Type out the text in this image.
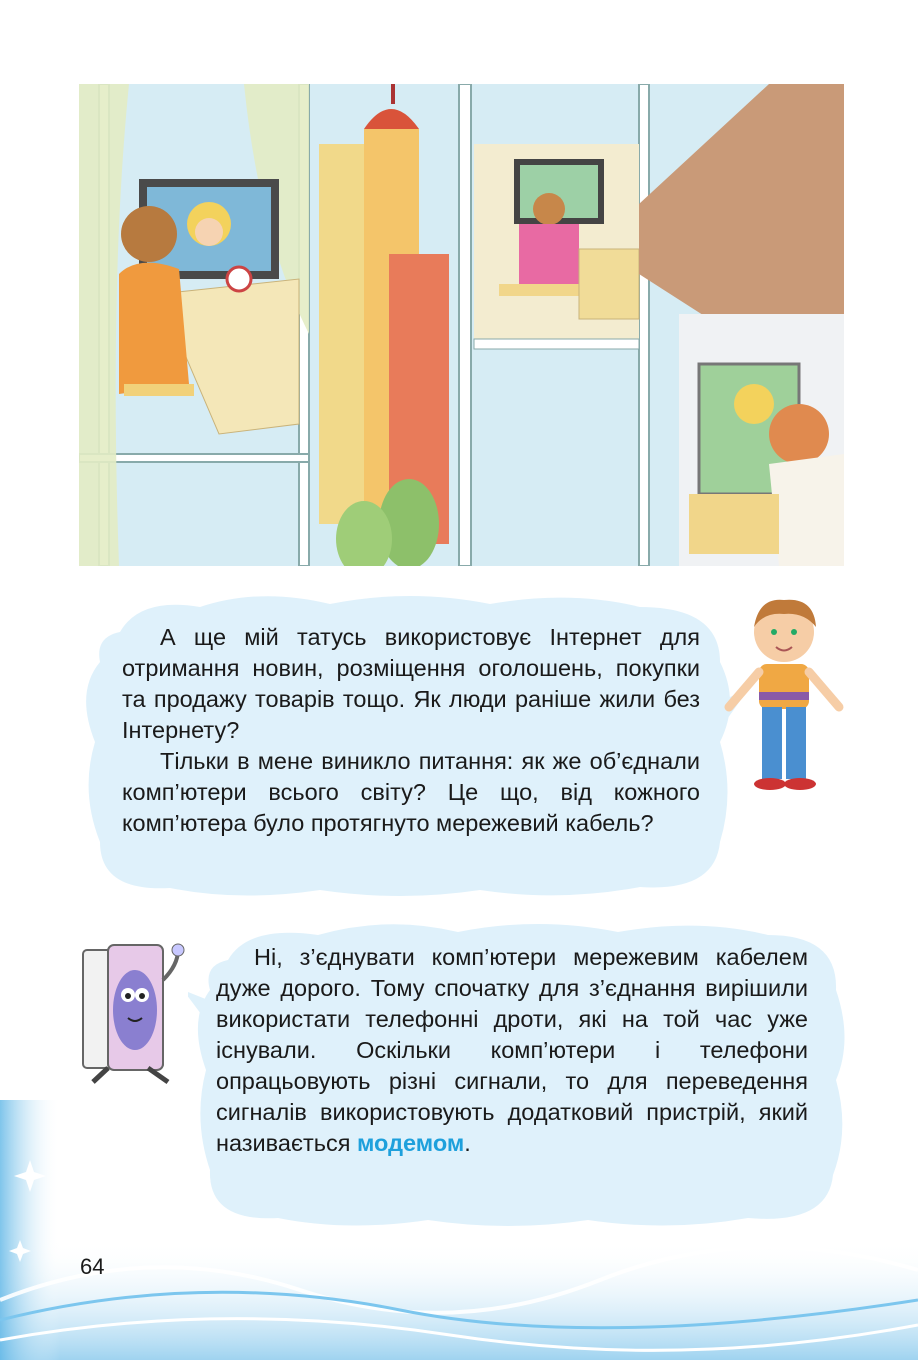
А ще мій татусь використовує Інтернет для отримання новин, розміщення оголошень, покупки та продажу товарів тощо. Як люди раніше жили без Інтернету?

Тільки в мене виникло питання: як же об’єднали комп’ютери всього світу? Це що, від кожного комп’ютера було протягнуто мережевий кабель?

Ні, з’єднувати комп’ютери мережевим кабелем дуже дорого. Тому спочатку для з’єднання вирішили використати телефонні дроти, які на той час уже існували. Оскільки комп’ютери і телефони опрацьовують різні сигнали, то для переведення сигналів використовують додатковий пристрій, який називається модемом.

64
